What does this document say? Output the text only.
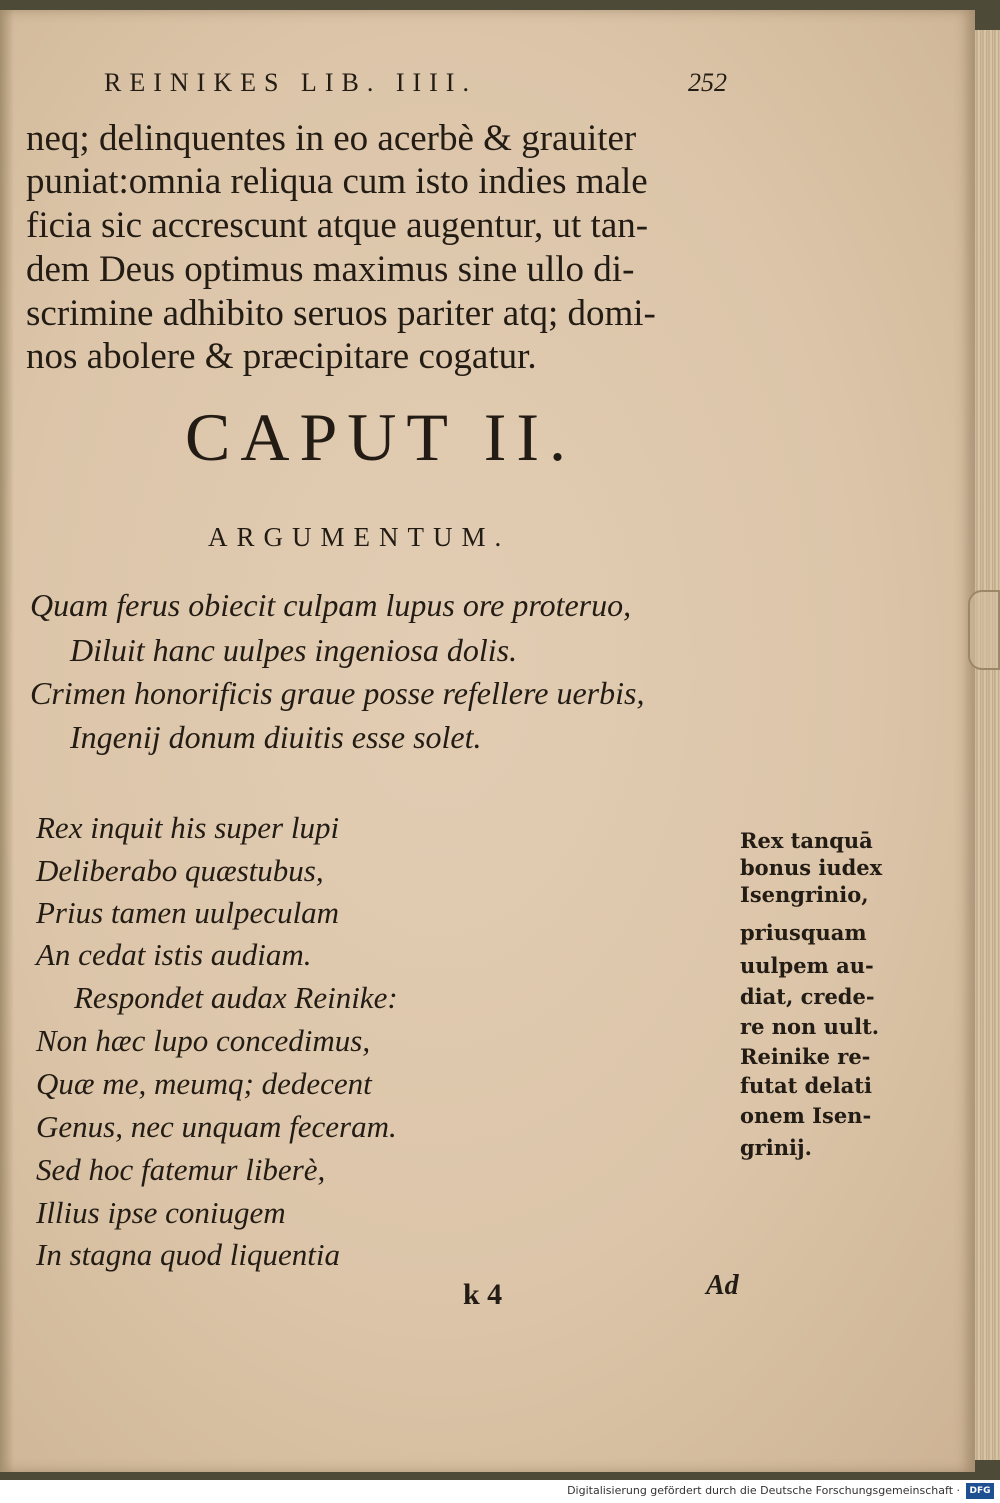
REINIKES LIB. IIII.	252
neq; delinquentes in eo acerbè & grauiter
puniat:omnia reliqua cum isto indies male
ficia sic accrescunt atque augentur, ut tan-
dem Deus optimus maximus sine ullo di-
scrimine adhibito seruos pariter atq; domi-
nos abolere & præcipitare cogatur.
CAPUT II.
ARGUMENTUM.
Quam ferus obiecit culpam lupus ore proteruo,
Diluit hanc uulpes ingeniosa dolis.
Crimen honorificis graue posse refellere uerbis,
Ingenij donum diuitis esse solet.
Rex inquit his super lupi
Deliberabo quæstubus,
Prius tamen uulpeculam
An cedat istis audiam.
Respondet audax Reinike:
Non hæc lupo concedimus,
Quæ me, meumq; dedecent
Genus, nec unquam feceram.
Sed hoc fatemur liberè,
Illius ipse coniugem
In stagna quod liquentia
Rex tanquā
bonus iudex
Isengrinio,
priusquam
uulpem au-
diat, crede-
re non uult.
Reinike re-
futat delati
onem Isen-
grinij.
k 4	Ad
Digitalisierung gefördert durch die Deutsche Forschungsgemeinschaft ·	DFG
